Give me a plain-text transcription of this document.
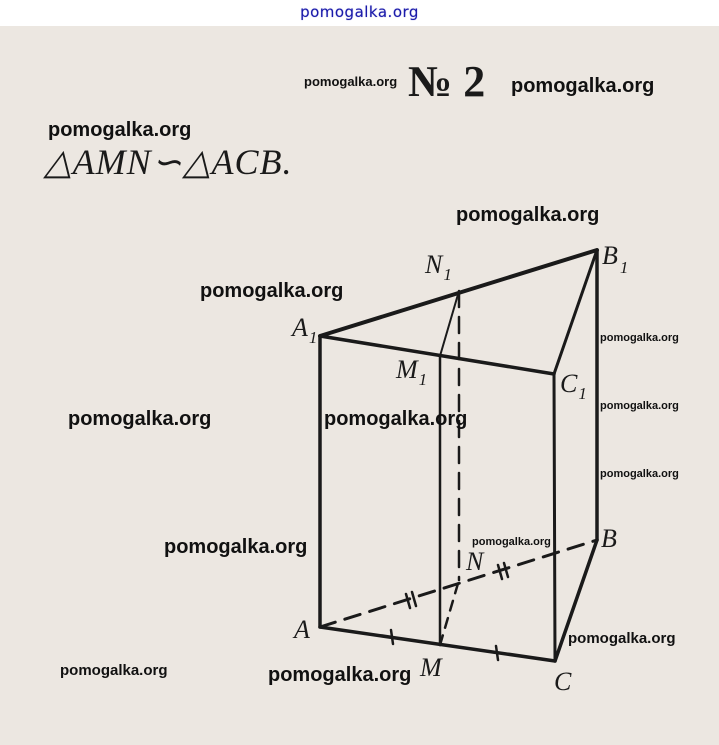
pomogalka.org
№ 2
△AMN∽△ACB.
$A_1$
B $_1$
$C_1$
$M_1$
$N_1$
A
B
C
M
N
pomogalka.org	pomogalka.org
pomogalka.org
pomogalka.org
pomogalka.org
pomogalka.org
pomogalka.org
pomogalka.org	pomogalka.org
pomogalka.org
pomogalka.org
pomogalka.org
pomogalka.org
pomogalka.org	pomogalka.org
